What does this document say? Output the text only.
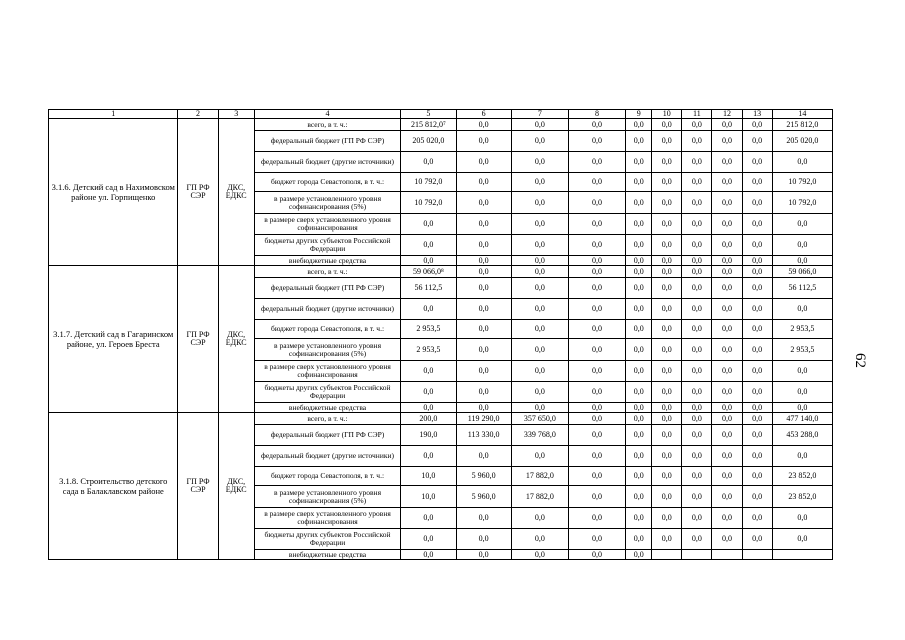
1	2	3	4	5	6	7	8	9	10	11	12	13	14
3.1.6. Детский сад в Нахимовском районе ул. Горпищенко	ГП РФ СЭР	ДКС, ЕДКС	всего, в т. ч.:	215 812,0⁷	0,0	0,0	0,0	0,0	0,0	0,0	0,0	0,0	215 812,0
			федеральный бюджет (ГП РФ СЭР)	205 020,0	0,0	0,0	0,0	0,0	0,0	0,0	0,0	0,0	205 020,0
			федеральный бюджет (другие источники)	0,0	0,0	0,0	0,0	0,0	0,0	0,0	0,0	0,0	0,0
			бюджет города Севастополя, в т. ч.:	10 792,0	0,0	0,0	0,0	0,0	0,0	0,0	0,0	0,0	10 792,0
			в размере установленного уровня софинансирования (5%)	10 792,0	0,0	0,0	0,0	0,0	0,0	0,0	0,0	0,0	10 792,0
			в размере сверх установленного уровня софинансирования	0,0	0,0	0,0	0,0	0,0	0,0	0,0	0,0	0,0	0,0
			бюджеты других субъектов Российской Федерации	0,0	0,0	0,0	0,0	0,0	0,0	0,0	0,0	0,0	0,0
			внебюджетные средства	0,0	0,0	0,0	0,0	0,0	0,0	0,0	0,0	0,0	0,0
3.1.7. Детский сад в Гагаринском районе, ул. Героев Бреста	ГП РФ СЭР	ДКС, ЕДКС	всего, в т. ч.:	59 066,0⁸	0,0	0,0	0,0	0,0	0,0	0,0	0,0	0,0	59 066,0
			федеральный бюджет (ГП РФ СЭР)	56 112,5	0,0	0,0	0,0	0,0	0,0	0,0	0,0	0,0	56 112,5
			федеральный бюджет (другие источники)	0,0	0,0	0,0	0,0	0,0	0,0	0,0	0,0	0,0	0,0
			бюджет города Севастополя, в т. ч.:	2 953,5	0,0	0,0	0,0	0,0	0,0	0,0	0,0	0,0	2 953,5
			в размере установленного уровня софинансирования (5%)	2 953,5	0,0	0,0	0,0	0,0	0,0	0,0	0,0	0,0	2 953,5
			в размере сверх установленного уровня софинансирования	0,0	0,0	0,0	0,0	0,0	0,0	0,0	0,0	0,0	0,0
			бюджеты других субъектов Российской Федерации	0,0	0,0	0,0	0,0	0,0	0,0	0,0	0,0	0,0	0,0
			внебюджетные средства	0,0	0,0	0,0	0,0	0,0	0,0	0,0	0,0	0,0	0,0
3.1.8. Строительство детского сада в Балаклавском районе	ГП РФ СЭР	ДКС, ЕДКС	всего, в т. ч.:	200,0	119 290,0	357 650,0	0,0	0,0	0,0	0,0	0,0	0,0	477 140,0
			федеральный бюджет (ГП РФ СЭР)	190,0	113 330,0	339 768,0	0,0	0,0	0,0	0,0	0,0	0,0	453 288,0
			федеральный бюджет (другие источники)	0,0	0,0	0,0	0,0	0,0	0,0	0,0	0,0	0,0	0,0
			бюджет города Севастополя, в т. ч.:	10,0	5 960,0	17 882,0	0,0	0,0	0,0	0,0	0,0	0,0	23 852,0
			в размере установленного уровня софинансирования (5%)	10,0	5 960,0	17 882,0	0,0	0,0	0,0	0,0	0,0	0,0	23 852,0
			в размере сверх установленного уровня софинансирования	0,0	0,0	0,0	0,0	0,0	0,0	0,0	0,0	0,0	0,0
			бюджеты других субъектов Российской Федерации	0,0	0,0	0,0	0,0	0,0	0,0	0,0	0,0	0,0	0,0
			внебюджетные средства	0,0	0,0	0,0	0,0	0,0					
62
